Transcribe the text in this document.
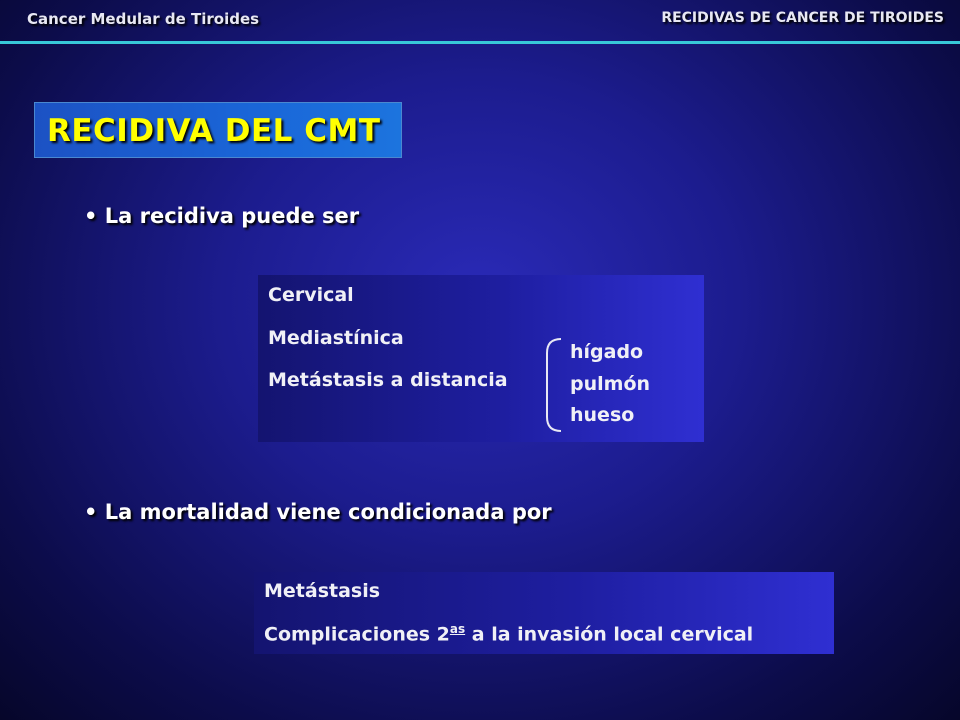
Cancer Medular de Tiroides	RECIDIVAS DE CANCER DE TIROIDES
RECIDIVA DEL CMT
• La recidiva puede ser
Cervical
Mediastínica
Metástasis a distancia
hígado
pulmón
hueso
• La mortalidad viene condicionada por
Metástasis
Complicaciones $2^{as}$ a la invasión local cervical
